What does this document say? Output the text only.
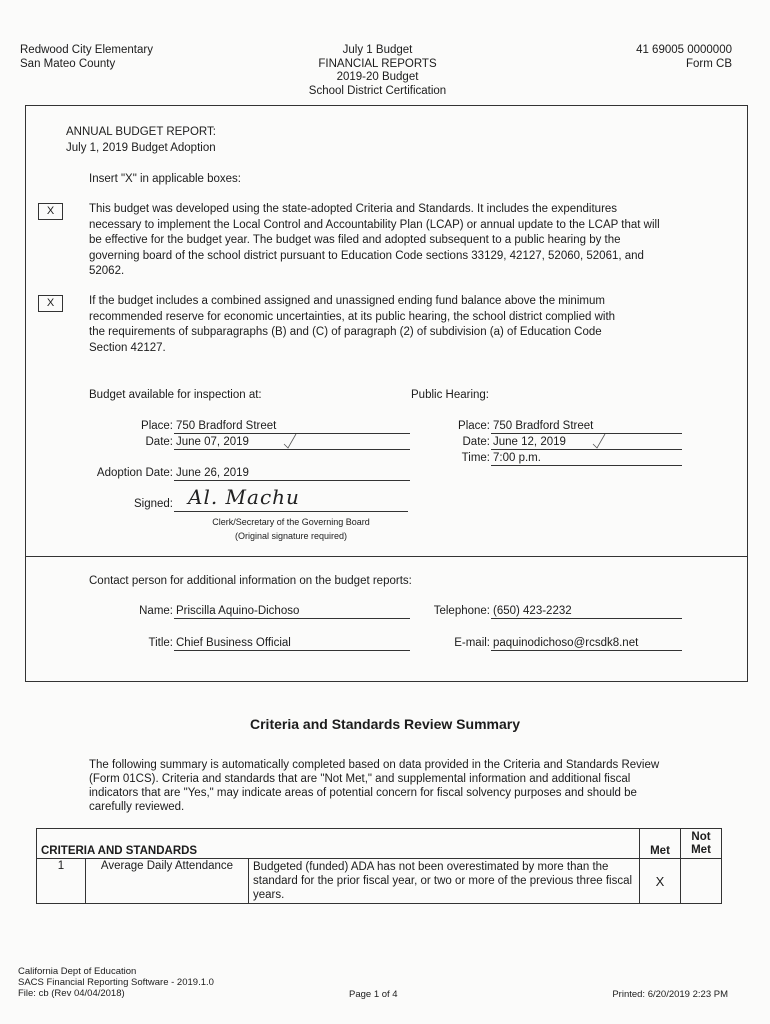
Redwood City Elementary
San Mateo County
July 1 Budget
FINANCIAL REPORTS
2019-20 Budget
School District Certification
41 69005 0000000
Form CB
ANNUAL BUDGET REPORT:
July 1, 2019 Budget Adoption
Insert "X" in applicable boxes:
X	This budget was developed using the state-adopted Criteria and Standards. It includes the expenditures necessary to implement the Local Control and Accountability Plan (LCAP) or annual update to the LCAP that will be effective for the budget year. The budget was filed and adopted subsequent to a public hearing by the governing board of the school district pursuant to Education Code sections 33129, 42127, 52060, 52061, and 52062.
X	If the budget includes a combined assigned and unassigned ending fund balance above the minimum recommended reserve for economic uncertainties, at its public hearing, the school district complied with the requirements of subparagraphs (B) and (C) of paragraph (2) of subdivision (a) of Education Code Section 42127.
Budget available for inspection at:	Public Hearing:
Place: 750 Bradford Street
Date: June 07, 2019
Place: 750 Bradford Street
Date: June 12, 2019
Time: 7:00 p.m.
Adoption Date: June 26, 2019
Signed: Al. Machu
Clerk/Secretary of the Governing Board
(Original signature required)
Contact person for additional information on the budget reports:
Name: Priscilla Aquino-Dichoso
Title: Chief Business Official
Telephone: (650) 423-2232
E-mail: paquinodichoso@rcsdk8.net
Criteria and Standards Review Summary
The following summary is automatically completed based on data provided in the Criteria and Standards Review (Form 01CS). Criteria and standards that are "Not Met," and supplemental information and additional fiscal indicators that are "Yes," may indicate areas of potential concern for fiscal solvency purposes and should be carefully reviewed.
CRITERIA AND STANDARDS			Met	Not
Met

1	Average Daily Attendance	Budgeted (funded) ADA has not been overestimated by more than the standard for the prior fiscal year, or two or more of the previous three fiscal years.	X	
California Dept of Education
SACS Financial Reporting Software - 2019.1.0
File: cb (Rev 04/04/2018)	Page 1 of 4	Printed: 6/20/2019 2:23 PM
